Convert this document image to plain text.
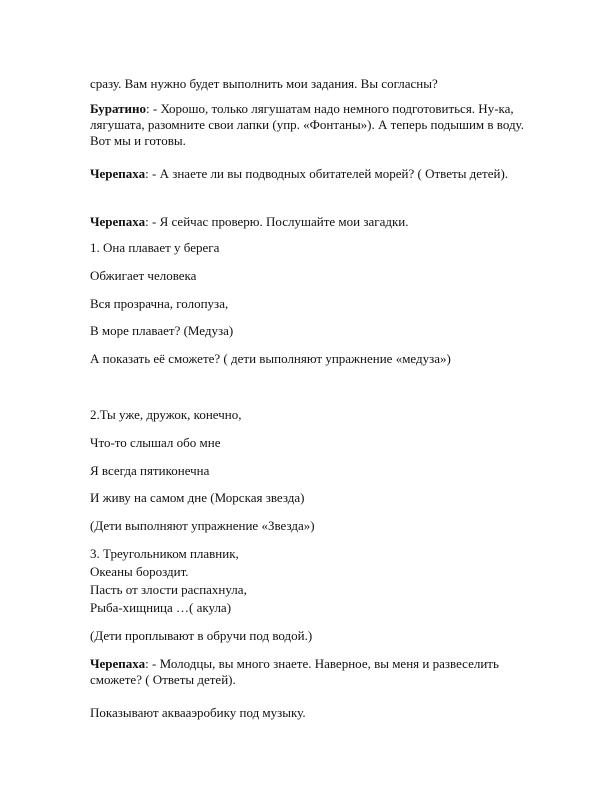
сразу. Вам нужно будет выполнить мои задания. Вы согласны?

Буратино: - Хорошо, только лягушатам надо немного подготовиться. Ну-ка, лягушата, разомните свои лапки (упр. «Фонтаны»). А теперь подышим в воду. Вот мы и готовы.

Черепаха: - А знаете ли вы подводных обитателей морей? ( Ответы детей).

Черепаха: - Я сейчас проверю. Послушайте мои загадки.

1. Она плавает у берега

Обжигает человека

Вся прозрачна, голопуза,

В море плавает? (Медуза)

А показать её сможете? ( дети выполняют упражнение «медуза»)

2.Ты уже, дружок, конечно,

Что-то слышал обо мне

Я всегда пятиконечна

И живу на самом дне (Морская звезда)

(Дети выполняют упражнение «Звезда»)

3. Треугольником плавник,

Океаны бороздит.

Пасть от злости распахнула,

Рыба-хищница …( акула)

(Дети проплывают в обручи под водой.)

Черепаха: - Молодцы, вы много знаете. Наверное, вы меня и развеселить сможете? ( Ответы детей).

Показывают аквааэробику под музыку.
